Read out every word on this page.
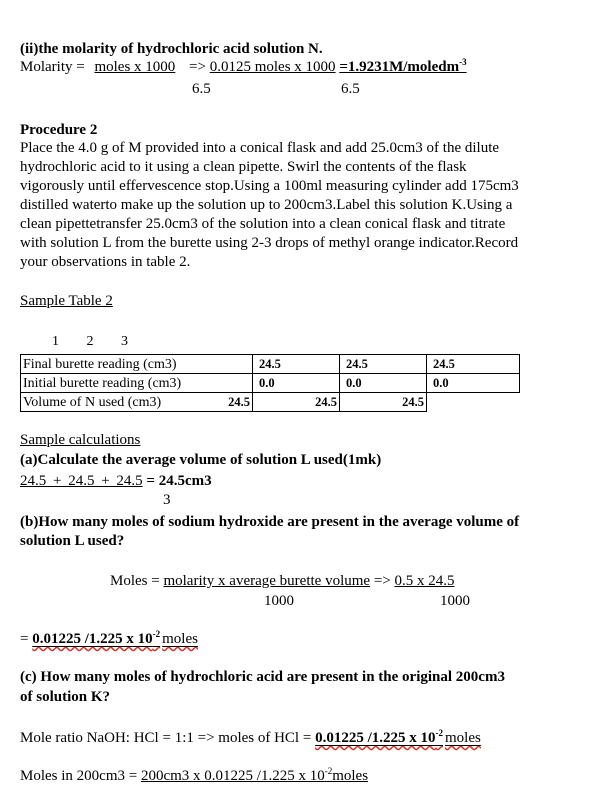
(ii)the molarity of hydrochloric acid solution N.
Molarity = moles x 1000 => 0.0125 moles x 1000 =1.9231M/moledm$^{-3}$
6.5	6.5
Procedure 2
Place the 4.0 g of M provided into a conical flask and add 25.0cm3 of the dilute
hydrochloric acid to it using a clean pipette. Swirl the contents of the flask
vigorously until effervescence stop.Using a 100ml measuring cylinder add 175cm3
distilled waterto make up the solution up to 200cm3.Label this solution K.Using a
clean pipettetransfer 25.0cm3 of the solution into a clean conical flask and titrate
with solution L from the burette using 2-3 drops of methyl orange indicator.Record
your observations in table 2.
Sample Table 2
1 2 3
Final burette reading (cm3)	24.5	24.5	24.5
Initial burette reading (cm3)	0.0	0.0	0.0
Volume of N used (cm3) 24.5	24.5	24.5	
Sample calculations
(a)Calculate the average volume of solution L used(1mk)
24.5 + 24.5 + 24.5 = 24.5cm3
3
(b)How many moles of sodium hydroxide are present in the average volume of
solution L used?
Moles = molarity x average burette volume => 0.5 x 24.5
1000	1000
= 0.01225 /1.225 x $10^{-2}$ moles
(c) How many moles of hydrochloric acid are present in the original 200cm3
of solution K?
Mole ratio NaOH: HCl = 1:1 => moles of HCl = 0.01225 /1.225 x $10^{-2}$ moles
Moles in 200cm3 = 200cm3 x 0.01225 /1.225 x $10^{-2}moles$
